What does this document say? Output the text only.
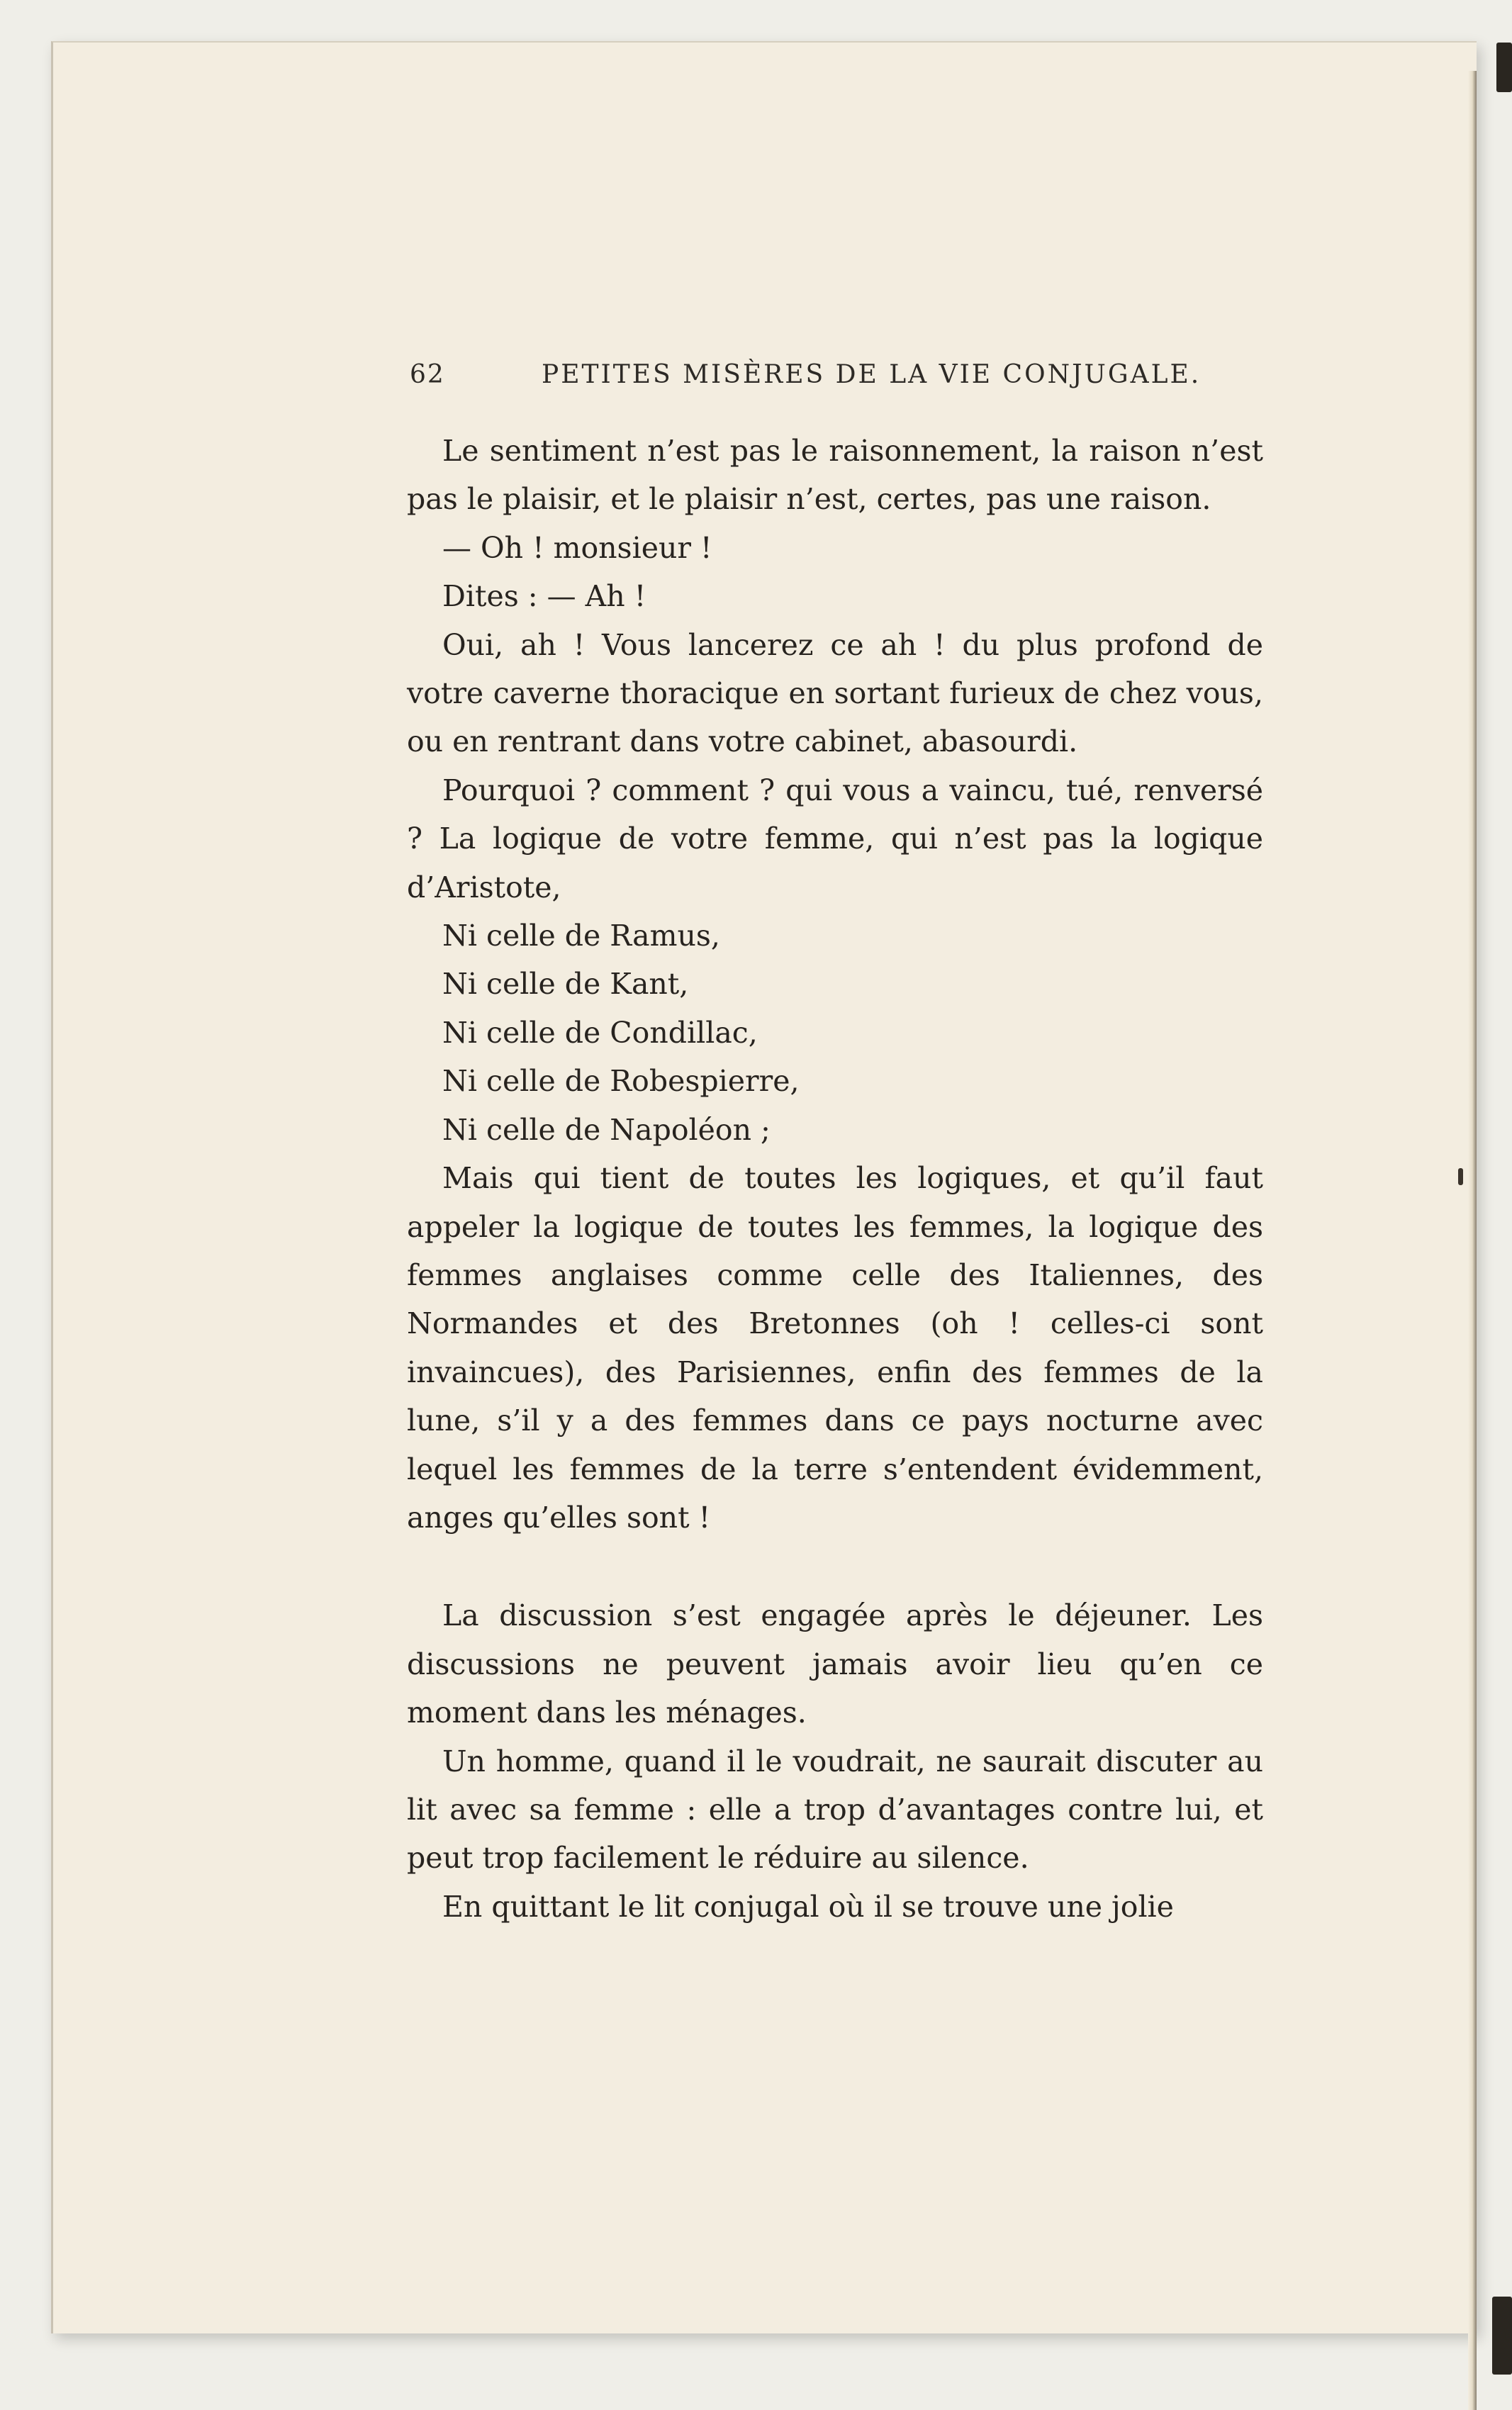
62	PETITES MISÈRES DE LA VIE CONJUGALE.

Le sentiment n’est pas le raisonnement, la raison n’est pas le plaisir, et le plaisir n’est, certes, pas une raison.

— Oh ! monsieur !

Dites : — Ah !

Oui, ah ! Vous lancerez ce ah ! du plus profond de votre caverne thoracique en sortant furieux de chez vous, ou en rentrant dans votre cabinet, abasourdi.

Pourquoi ? comment ? qui vous a vaincu, tué, renversé ? La logique de votre femme, qui n’est pas la logique d’Aristote,

Ni celle de Ramus,

Ni celle de Kant,

Ni celle de Condillac,

Ni celle de Robespierre,

Ni celle de Napoléon ;

Mais qui tient de toutes les logiques, et qu’il faut appeler la logique de toutes les femmes, la logique des femmes anglaises comme celle des Italiennes, des Normandes et des Bretonnes (oh ! celles-ci sont invaincues), des Parisiennes, enfin des femmes de la lune, s’il y a des femmes dans ce pays nocturne avec lequel les femmes de la terre s’entendent évidemment, anges qu’elles sont !

La discussion s’est engagée après le déjeuner. Les discussions ne peuvent jamais avoir lieu qu’en ce moment dans les ménages.

Un homme, quand il le voudrait, ne saurait discuter au lit avec sa femme : elle a trop d’avantages contre lui, et peut trop facilement le réduire au silence.

En quittant le lit conjugal où il se trouve une jolie
